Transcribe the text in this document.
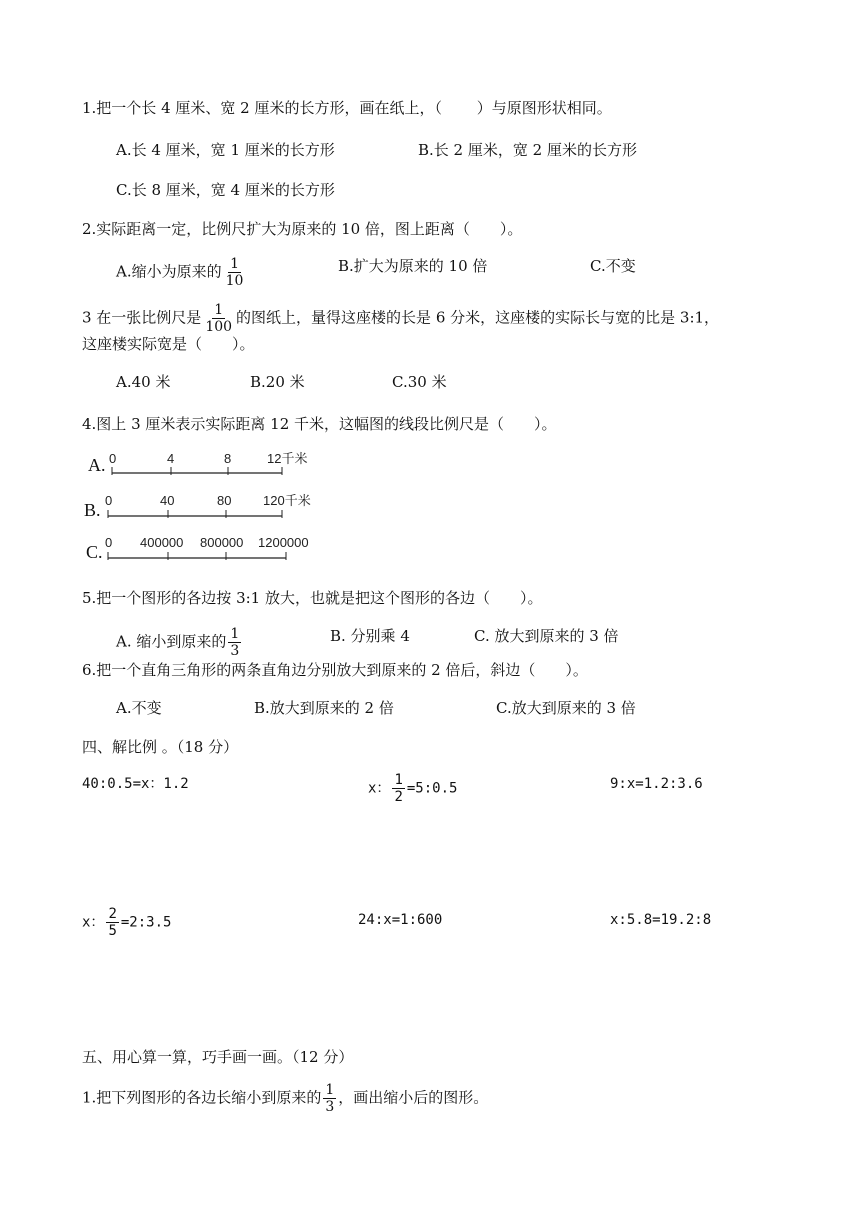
1.把一个长 4 厘米、宽 2 厘米的长方形，画在纸上，（　　 ）与原图形状相同。
A.长 4 厘米，宽 1 厘米的长方形	B.长 2 厘米，宽 2 厘米的长方形
C.长 8 厘米，宽 4 厘米的长方形
2.实际距离一定，比例尺扩大为原来的 10 倍，图上距离（　　）。
A.缩小为原来的 $\frac{1}{10}$	B.扩大为原来的 10 倍	C.不变
3 在一张比例尺是 $\frac{1}{100}$ 的图纸上，量得这座楼的长是 6 分米，这座楼的实际长与宽的比是 3:1，
这座楼实际宽是（　　）。
A.40 米	B.20 米	C.30 米
4.图上 3 厘米表示实际距离 12 千米，这幅图的线段比例尺是（　　）。
A. 0	4	8	12千米
B. 0	40	80 120千米
C. 0 400000 800000 1200000
5.把一个图形的各边按 3:1 放大，也就是把这个图形的各边（　　）。
A. 缩小到原来的 $\frac{1}{3}$	B. 分别乘 4	C. 放大到原来的 3 倍
6.把一个直角三角形的两条直角边分别放大到原来的 2 倍后，斜边（　　）。
A.不变	B.放大到原来的 2 倍	C.放大到原来的 3 倍
四、解比例 。（18 分）
40:0.5=x：1.2	x： $\frac{1}{2}$ =5:0.5	9:x=1.2:3.6
x： $\frac{2}{5}$ =2:3.5	24:x=1:600	x:5.8=19.2:8
五、用心算一算，巧手画一画。（12 分）
1.把下列图形的各边长缩小到原来的 $\frac{1}{3}$ ，画出缩小后的图形。
